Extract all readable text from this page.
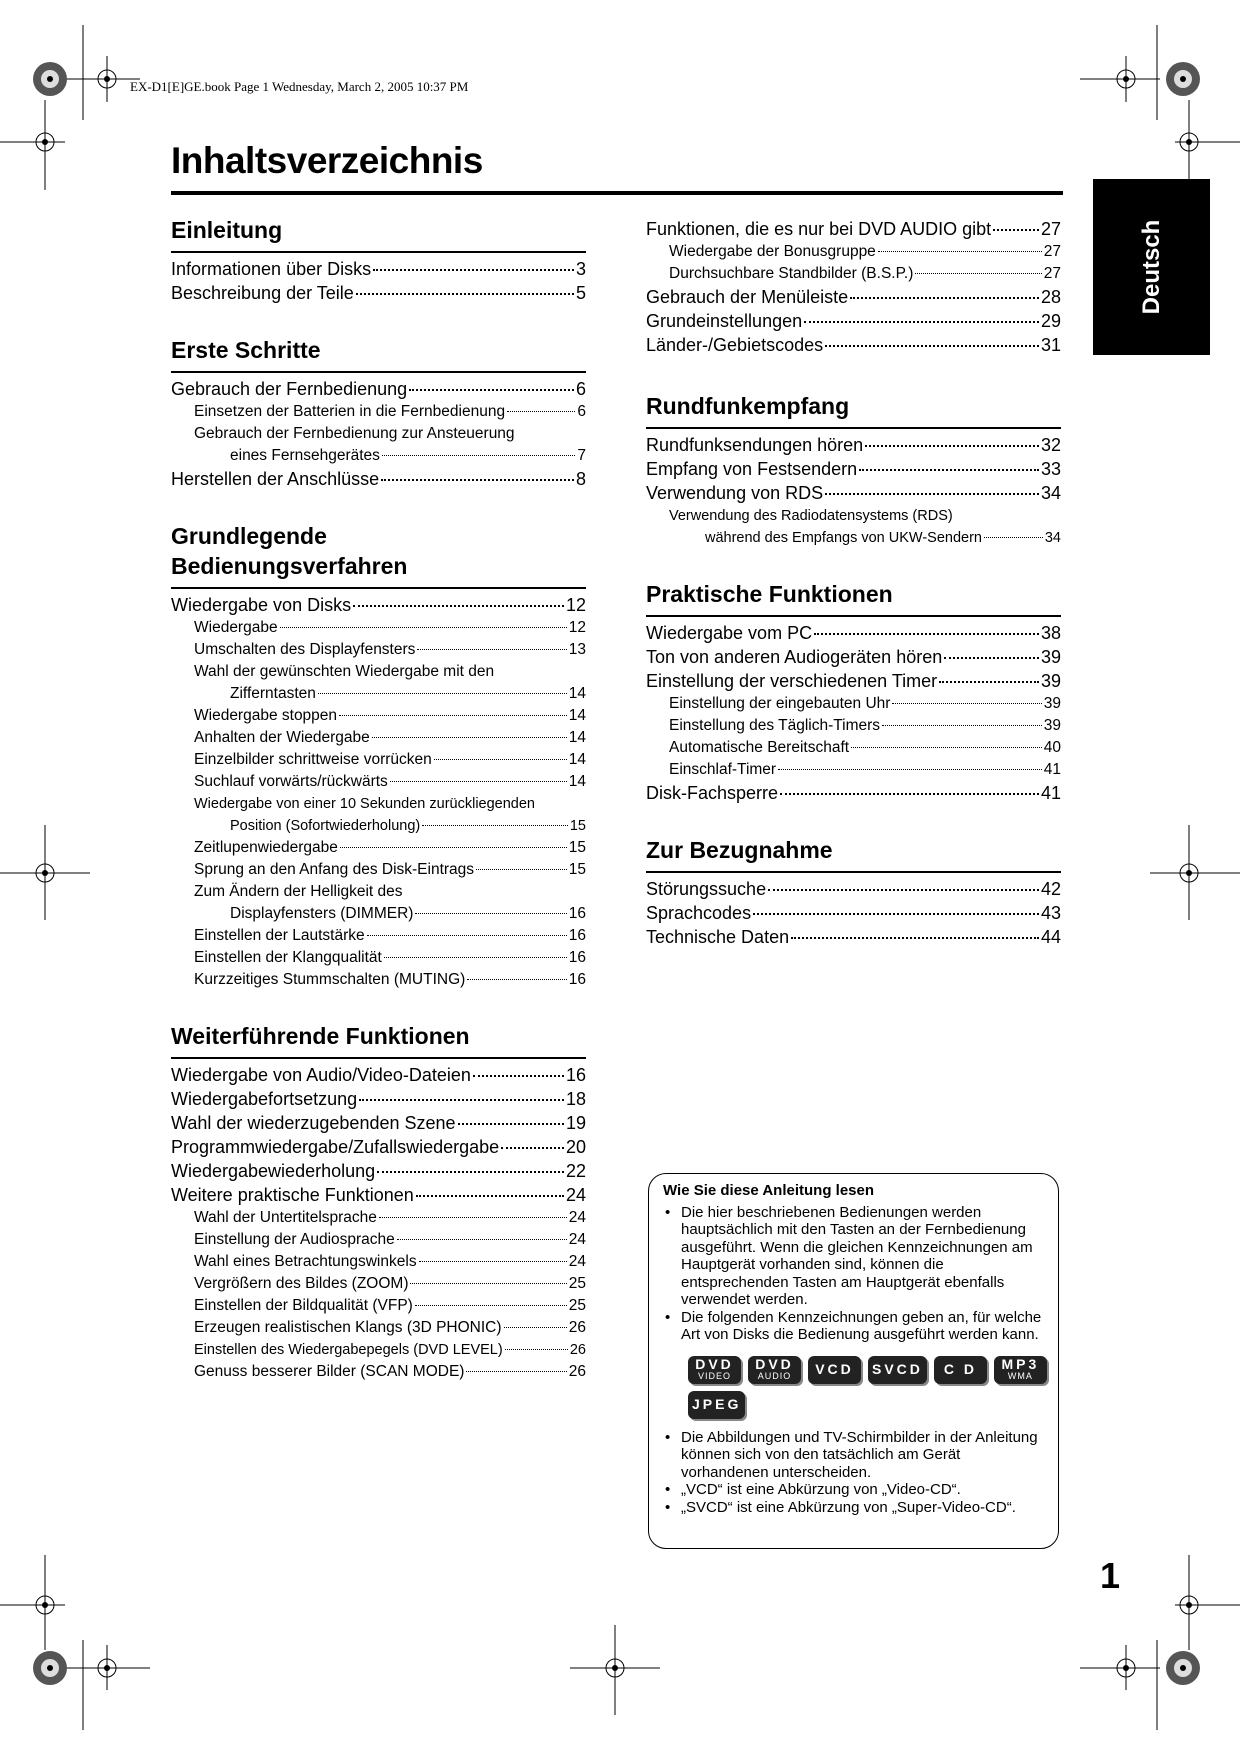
EX-D1[E]GE.book Page 1 Wednesday, March 2, 2005 10:37 PM
Inhaltsverzeichnis
Deutsch
Einleitung
Informationen über Disks	3
Beschreibung der Teile	5
Erste Schritte
Gebrauch der Fernbedienung	6
Einsetzen der Batterien in die Fernbedienung	6
Gebrauch der Fernbedienung zur Ansteuerung
eines Fernsehgerätes	7
Herstellen der Anschlüsse	8
Grundlegende
Bedienungsverfahren
Wiedergabe von Disks	12
Wiedergabe	12
Umschalten des Displayfensters	13
Wahl der gewünschten Wiedergabe mit den
Zifferntasten	14
Wiedergabe stoppen	14
Anhalten der Wiedergabe	14
Einzelbilder schrittweise vorrücken	14
Suchlauf vorwärts/rückwärts	14
Wiedergabe von einer 10 Sekunden zurückliegenden
Position (Sofortwiederholung)	15
Zeitlupenwiedergabe	15
Sprung an den Anfang des Disk-Eintrags	15
Zum Ändern der Helligkeit des
Displayfensters (DIMMER)	16
Einstellen der Lautstärke	16
Einstellen der Klangqualität	16
Kurzzeitiges Stummschalten (MUTING)	16
Weiterführende Funktionen
Wiedergabe von Audio/Video-Dateien	16
Wiedergabefortsetzung	18
Wahl der wiederzugebenden Szene	19
Programmwiedergabe/Zufallswiedergabe	20
Wiedergabewiederholung	22
Weitere praktische Funktionen	24
Wahl der Untertitelsprache	24
Einstellung der Audiosprache	24
Wahl eines Betrachtungswinkels	24
Vergrößern des Bildes (ZOOM)	25
Einstellen der Bildqualität (VFP)	25
Erzeugen realistischen Klangs (3D PHONIC)	26
Einstellen des Wiedergabepegels (DVD LEVEL)	26
Genuss besserer Bilder (SCAN MODE)	26
Funktionen, die es nur bei DVD AUDIO gibt	27
Wiedergabe der Bonusgruppe	27
Durchsuchbare Standbilder (B.S.P.)	27
Gebrauch der Menüleiste	28
Grundeinstellungen	29
Länder-/Gebietscodes	31
Rundfunkempfang
Rundfunksendungen hören	32
Empfang von Festsendern	33
Verwendung von RDS	34
Verwendung des Radiodatensystems (RDS)
während des Empfangs von UKW-Sendern	34
Praktische Funktionen
Wiedergabe vom PC	38
Ton von anderen Audiogeräten hören	39
Einstellung der verschiedenen Timer	39
Einstellung der eingebauten Uhr	39
Einstellung des Täglich-Timers	39
Automatische Bereitschaft	40
Einschlaf-Timer	41
Disk-Fachsperre	41
Zur Bezugnahme
Störungssuche	42
Sprachcodes	43
Technische Daten	44
Wie Sie diese Anleitung lesen
• Die hier beschriebenen Bedienungen werden hauptsächlich mit den Tasten an der Fernbedienung ausgeführt. Wenn die gleichen Kennzeichnungen am Hauptgerät vorhanden sind, können die entsprechenden Tasten am Hauptgerät ebenfalls verwendet werden.
• Die folgenden Kennzeichnungen geben an, für welche Art von Disks die Bedienung ausgeführt werden kann.
DVD
VIDEO
DVD
AUDIO VCD SVCD C D MP3
WMA
JPEG
• Die Abbildungen und TV-Schirmbilder in der Anleitung können sich von den tatsächlich am Gerät vorhandenen unterscheiden.
• „VCD“ ist eine Abkürzung von „Video-CD“.
• „SVCD“ ist eine Abkürzung von „Super-Video-CD“.
1
